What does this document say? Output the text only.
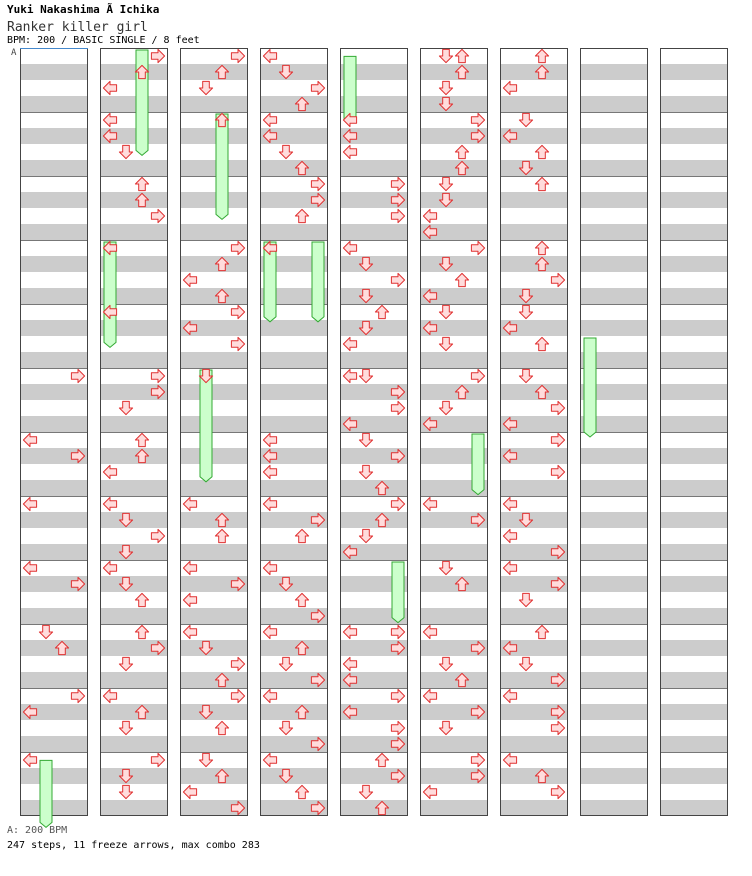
Yuki Nakashima Ã Ichika
Ranker killer girl
BPM: 200 / BASIC SINGLE / 8 feet
A
A: 200 BPM
247 steps, 11 freeze arrows, max combo 283
